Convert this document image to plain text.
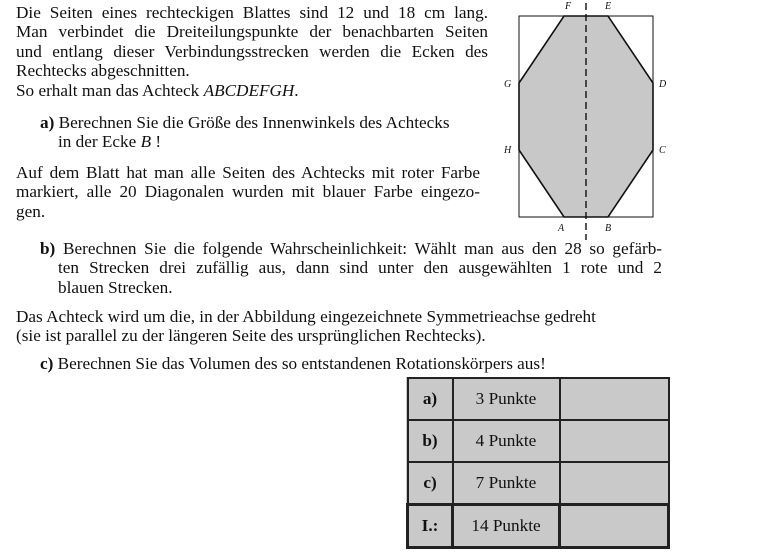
Die Seiten eines rechteckigen Blattes sind 12 und 18 cm lang.
Man verbindet die Dreiteilungspunkte der benachbarten Seiten
und entlang dieser Verbindungsstrecken werden die Ecken des
Rechtecks abgeschnitten.
So erhalt man das Achteck ABCDEFGH.
a) Berechnen Sie die Größe des Innenwinkels des Achtecks
in der Ecke B !
Auf dem Blatt hat man alle Seiten des Achtecks mit roter Farbe
markiert, alle 20 Diagonalen wurden mit blauer Farbe eingezo-
gen.
b) Berechnen Sie die folgende Wahrscheinlichkeit: Wählt man aus den 28 so gefärb-
ten Strecken drei zufällig aus, dann sind unter den ausgewählten 1 rote und 2
blauen Strecken.
Das Achteck wird um die, in der Abbildung eingezeichnete Symmetrieachse gedreht
(sie ist parallel zu der längeren Seite des ursprünglichen Rechtecks).
c) Berechnen Sie das Volumen des so entstandenen Rotationskörpers aus!
A	B
C
D
E
F
G
H
a)	3 Punkte	
b)	4 Punkte	
c)	7 Punkte	
I.:	14 Punkte	
